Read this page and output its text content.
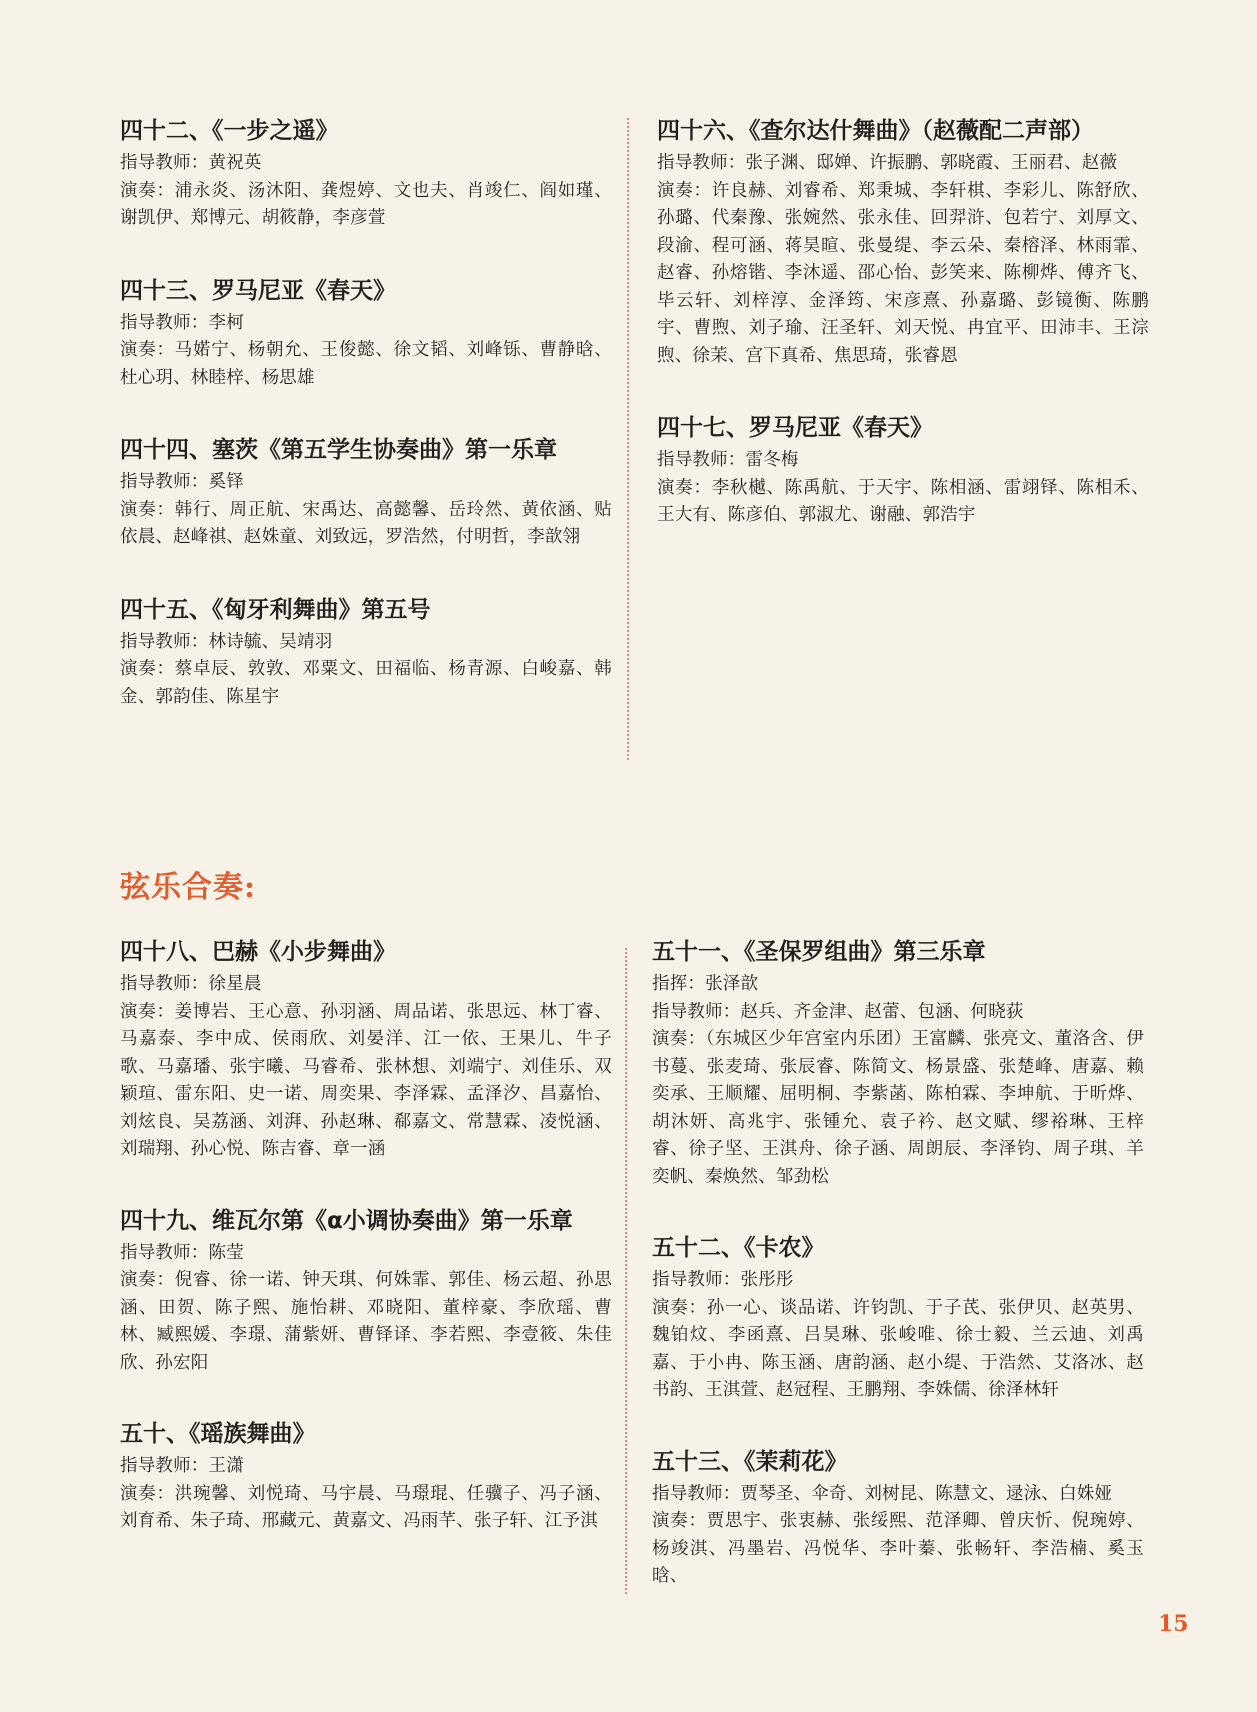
四十二、《一步之遥》

指导教师：黄祝英

演奏：浦永炎、汤沐阳、龚煜婷、文也夫、肖竣仁、阎如瑾、谢凯伊、郑博元、胡筱静，李彦萱

四十三、罗马尼亚《春天》

指导教师：李柯

演奏：马婼宁、杨朝允、王俊懿、徐文韬、刘峰铄、曹静晗、杜心玥、林睦梓、杨思雄

四十四、塞茨《第五学生协奏曲》第一乐章

指导教师：奚铎

演奏：韩行、周正航、宋禹达、高懿馨、岳玲然、黄依涵、贴依晨、赵峰祺、赵姝童、刘致远，罗浩然，付明哲，李歆翎

四十五、《匈牙利舞曲》第五号

指导教师：林诗毓、吴靖羽

演奏：蔡卓辰、敦敦、邓粟文、田福临、杨青源、白峻嘉、韩金、郭韵佳、陈星宇

四十六、《查尔达什舞曲》（赵薇配二声部）

指导教师：张子渊、邸婵、许振鹏、郭晓霞、王丽君、赵薇

演奏：许良赫、刘睿希、郑秉城、李轩棋、李彩儿、陈舒欣、孙璐、代秦豫、张婉然、张永佳、回羿浒、包若宁、刘厚文、段渝、程可涵、蒋昊暄、张曼缇、李云朵、秦榕泽、林雨霏、赵睿、孙熔锴、李沐遥、邵心怡、彭笑来、陈柳烨、傅齐飞、毕云轩、刘梓淳、金泽筠、宋彦熹、孙嘉璐、彭镜衡、陈鹏宇、曹煦、刘子瑜、汪圣轩、刘天悦、冉宜平、田沛丰、王淙煦、徐茉、宫下真希、焦思琦，张睿恩

四十七、罗马尼亚《春天》

指导教师：雷冬梅

演奏：李秋樾、陈禹航、于天宇、陈相涵、雷翊铎、陈相禾、王大有、陈彦伯、郭淑尤、谢融、郭浩宇

弦乐合奏:
四十八、巴赫《小步舞曲》

指导教师：徐星晨

演奏：姜博岩、王心意、孙羽涵、周品诺、张思远、林丁睿、马嘉泰、李中成、侯雨欣、刘晏洋、江一依、王果儿、牛子歌、马嘉璠、张宇曦、马睿希、张林想、刘端宁、刘佳乐、双颖瑄、雷东阳、史一诺、周奕果、李泽霖、孟泽汐、昌嘉怡、刘炫良、吴荔涵、刘湃、孙赵琳、郗嘉文、常慧霖、凌悦涵、刘瑞翔、孙心悦、陈吉睿、章一涵

四十九、维瓦尔第《α小调协奏曲》第一乐章

指导教师：陈莹

演奏：倪睿、徐一诺、钟天琪、何姝霏、郭佳、杨云超、孙思涵、田贺、陈子熙、施怡耕、邓晓阳、董梓豪、李欣瑶、曹林、臧熙媛、李璟、蒲紫妍、曹铎译、李若熙、李壹筱、朱佳欣、孙宏阳

五十、《瑶族舞曲》

指导教师：王潇

演奏：洪琬馨、刘悦琦、马宇晨、马璟琨、任骥子、冯子涵、刘育希、朱子琦、邢藏元、黄嘉文、冯雨芊、张子轩、江予淇

五十一、《圣保罗组曲》第三乐章

指挥：张泽歆

指导教师：赵兵、齐金津、赵蕾、包涵、何晓荻

演奏：（东城区少年宫室内乐团）王富麟、张亮文、董洛含、伊书蔓、张麦琦、张辰睿、陈简文、杨景盛、张楚峰、唐嘉、赖奕承、王顺耀、屈明桐、李紫菡、陈柏霖、李坤航、于昕烨、胡沐妍、高兆宇、张锺允、袁子衿、赵文赋、缪裕琳、王梓睿、徐子坚、王淇舟、徐子涵、周朗辰、李泽钧、周子琪、羊奕帆、秦焕然、邹劲松

五十二、《卡农》

指导教师：张彤彤

演奏：孙一心、谈品诺、许钧凯、于子芪、张伊贝、赵英男、魏铂炆、李函熹、吕昊琳、张峻唯、徐士毅、兰云迪、刘禹嘉、于小冉、陈玉涵、唐韵涵、赵小缇、于浩然、艾洛冰、赵书韵、王淇萱、赵冠程、王鹏翔、李姝儒、徐泽林轩

五十三、《茉莉花》

指导教师：贾琴圣、伞奇、刘树昆、陈慧文、逯泳、白姝娅

演奏：贾思宇、张衷赫、张绥熙、范泽卿、曾庆忻、倪琬婷、杨竣淇、冯墨岩、冯悦华、李叶蓁、张畅轩、李浩楠、奚玉晗、

15
